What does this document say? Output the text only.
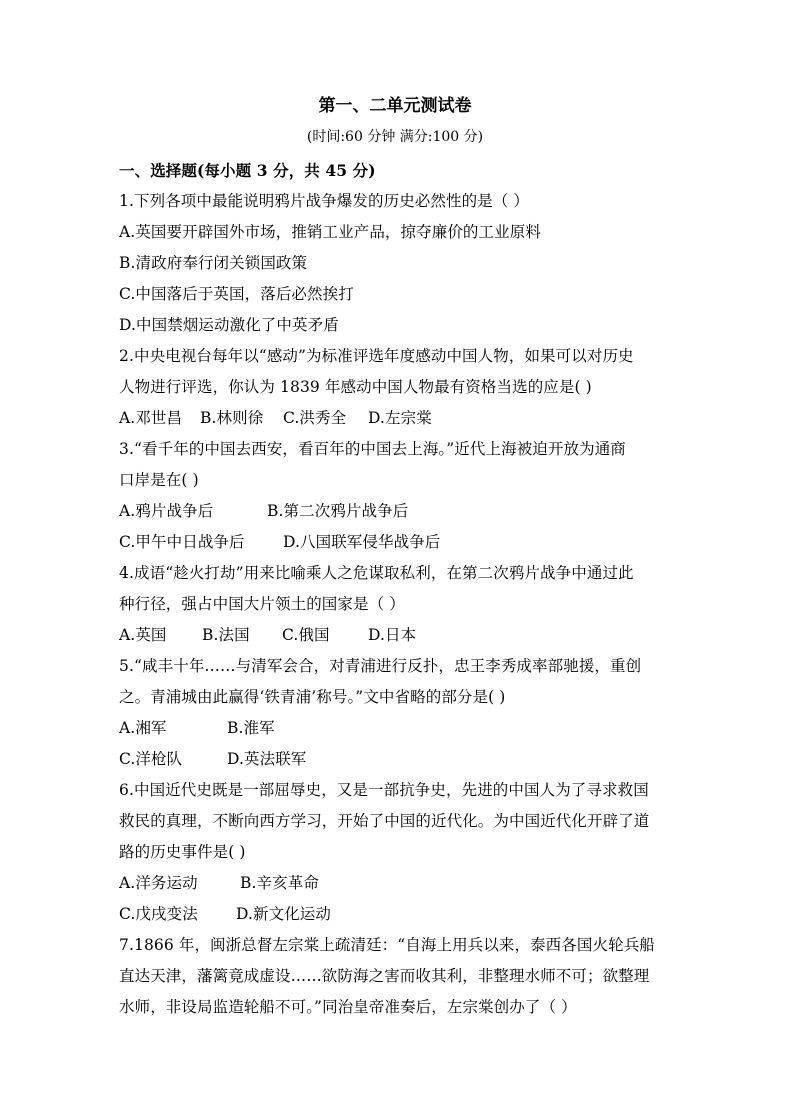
第一、二单元测试卷
(时间:60 分钟 满分:100 分)
一、选择题(每小题 3 分，共 45 分)
1.下列各项中最能说明鸦片战争爆发的历史必然性的是（ ）
A.英国要开辟国外市场，推销工业产品，掠夺廉价的工业原料
B.清政府奉行闭关锁国政策
C.中国落后于英国，落后必然挨打
D.中国禁烟运动激化了中英矛盾
2.中央电视台每年以“感动”为标准评选年度感动中国人物，如果可以对历史
人物进行评选，你认为 1839 年感动中国人物最有资格当选的应是( )
A.邓世昌 B.林则徐 C.洪秀全 D.左宗棠
3.“看千年的中国去西安，看百年的中国去上海。”近代上海被迫开放为通商
口岸是在( )
A.鸦片战争后	B.第二次鸦片战争后
C.甲午中日战争后 D.八国联军侵华战争后
4.成语“趁火打劫”用来比喻乘人之危谋取私利，在第二次鸦片战争中通过此
种行径，强占中国大片领土的国家是（ ）
A.英国 B.法国 C.俄国 D.日本
5.“咸丰十年……与清军会合，对青浦进行反扑，忠王李秀成率部驰援，重创
之。青浦城由此赢得‘铁青浦’称号。”文中省略的部分是( )
A.湘军	B.淮军
C.洋枪队	D.英法联军
6.中国近代史既是一部屈辱史，又是一部抗争史，先进的中国人为了寻求救国
救民的真理，不断向西方学习，开始了中国的近代化。为中国近代化开辟了道
路的历史事件是( )
A.洋务运动	B.辛亥革命
C.戊戌变法 D.新文化运动
7.1866 年，闽浙总督左宗棠上疏清廷：“自海上用兵以来，泰西各国火轮兵船
直达天津，藩篱竟成虚设……欲防海之害而收其利，非整理水师不可；欲整理
水师，非设局监造轮船不可。”同治皇帝准奏后，左宗棠创办了（ ）
